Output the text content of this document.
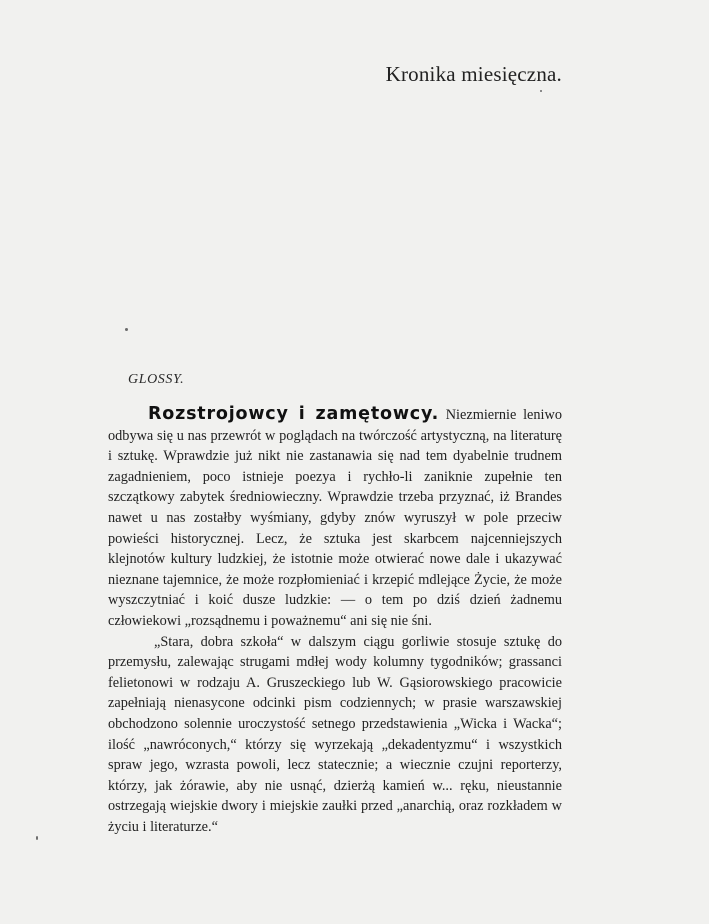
Kronika miesięczna.
GLOSSY.

Rozstrojowcy i zamętowcy. Niezmiernie leniwo odbywa się u nas przewrót w poglądach na twórczość artystyczną, na literaturę i sztukę. Wprawdzie już nikt nie zastanawia się nad tem dyabelnie trudnem zagadnieniem, poco istnieje poezya i rychło-li zaniknie zupełnie ten szczątkowy zabytek średniowieczny. Wprawdzie trzeba przyznać, iż Brandes nawet u nas zostałby wyśmiany, gdyby znów wyruszył w pole przeciw powieści historycznej. Lecz, że sztuka jest skarbcem najcenniejszych klejnotów kultury ludzkiej, że istotnie może otwierać nowe dale i ukazywać nieznane tajemnice, że może rozpłomieniać i krzepić mdlejące Życie, że może wyszczytniać i koić dusze ludzkie: — o tem po dziś dzień żadnemu człowiekowi „rozsądnemu i poważnemu“ ani się nie śni.

„Stara, dobra szkoła“ w dalszym ciągu gorliwie stosuje sztukę do przemysłu, zalewając strugami mdłej wody kolumny tygodników; grassanci felietonowi w rodzaju A. Gruszeckiego lub W. Gąsiorowskiego pracowicie zapełniają nienasycone odcinki pism codziennych; w prasie warszawskiej obchodzono solennie uroczystość setnego przedstawienia „Wicka i Wacka“; ilość „nawróconych,“ którzy się wyrzekają „dekadentyzmu“ i wszystkich spraw jego, wzrasta powoli, lecz statecznie; a wiecznie czujni reporterzy, którzy, jak żórawie, aby nie usnąć, dzierżą kamień w... ręku, nieustannie ostrzegają wiejskie dwory i miejskie zaułki przed „anarchią, oraz rozkładem w życiu i literaturze.“
